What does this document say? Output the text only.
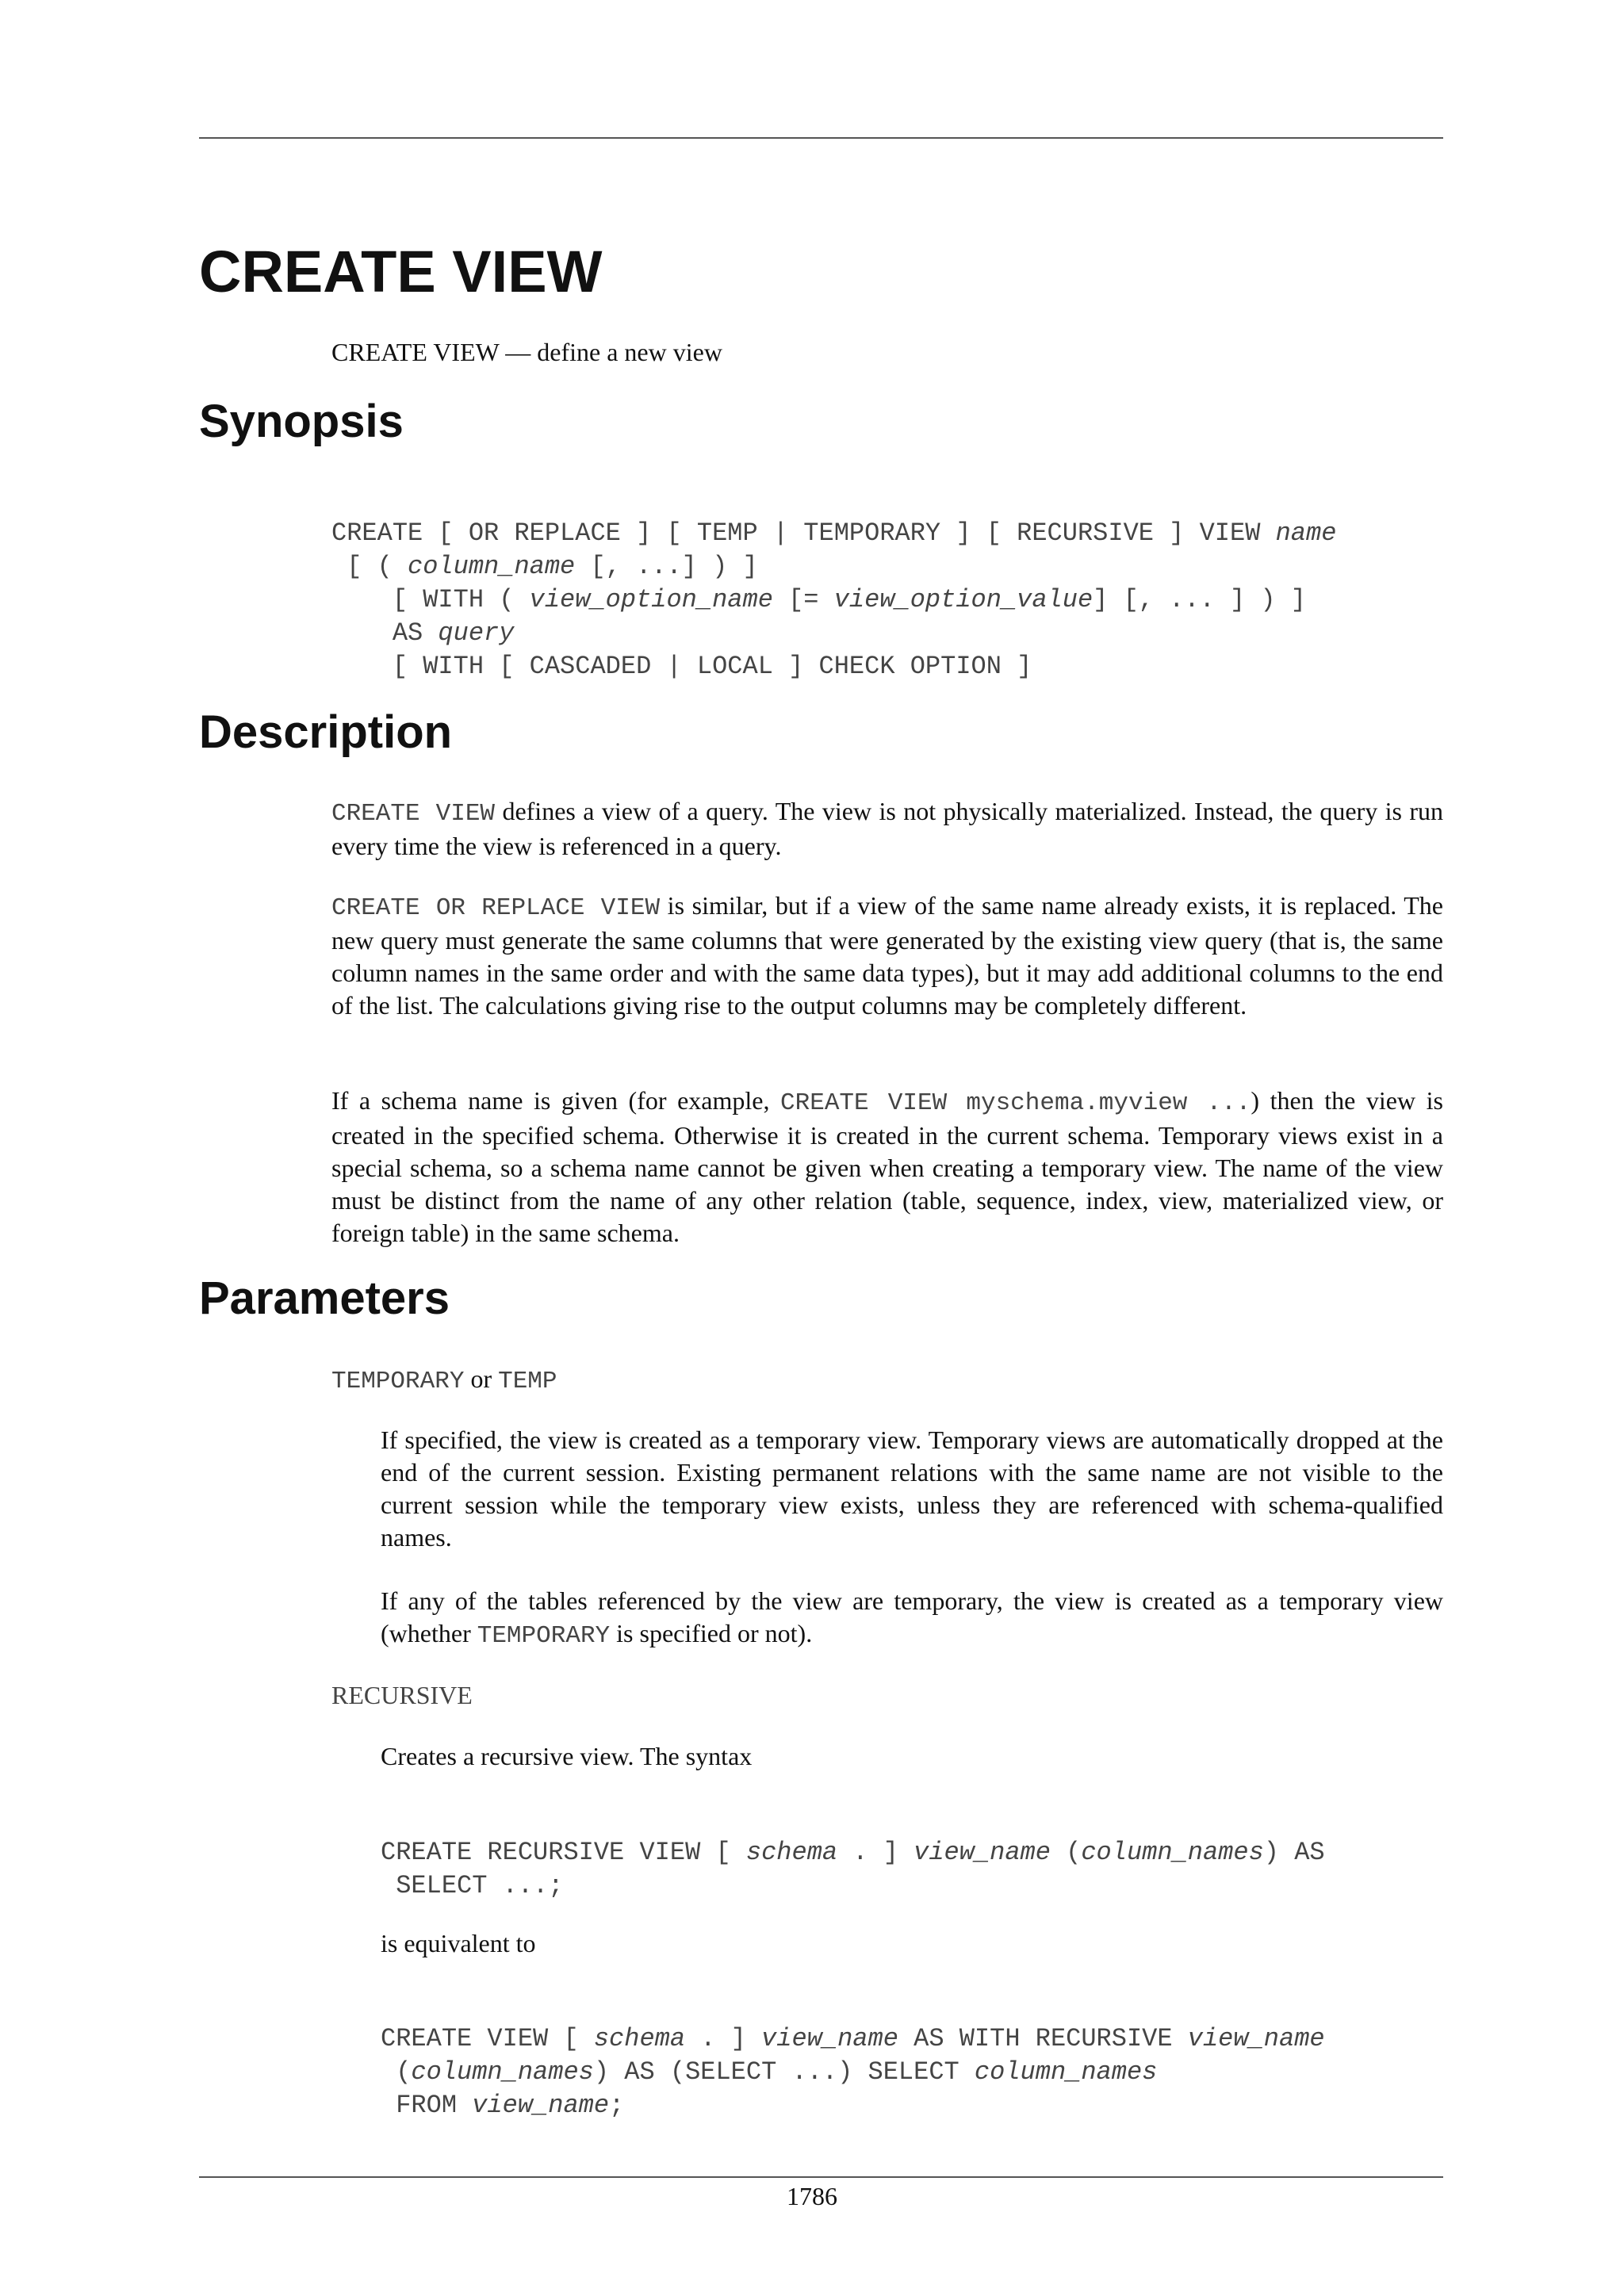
CREATE VIEW

CREATE VIEW — define a new view

Synopsis
CREATE [ OR REPLACE ] [ TEMP | TEMPORARY ] [ RECURSIVE ] VIEW name
[ ( column_name [, ...] ) ]
[ WITH ( view_option_name [= view_option_value] [, ... ] ) ]
AS query
[ WITH [ CASCADED | LOCAL ] CHECK OPTION ]
Description

CREATE VIEW defines a view of a query. The view is not physically materialized. Instead, the query is run every time the view is referenced in a query.

CREATE OR REPLACE VIEW is similar, but if a view of the same name already exists, it is replaced. The new query must generate the same columns that were generated by the existing view query (that is, the same column names in the same order and with the same data types), but it may add additional columns to the end of the list. The calculations giving rise to the output columns may be completely different.

If a schema name is given (for example, CREATE VIEW myschema.myview ...) then the view is created in the specified schema. Otherwise it is created in the current schema. Temporary views exist in a special schema, so a schema name cannot be given when creating a temporary view. The name of the view must be distinct from the name of any other relation (table, sequence, index, view, materialized view, or foreign table) in the same schema.

Parameters

TEMPORARY or TEMP

If specified, the view is created as a temporary view. Temporary views are automatically dropped at the end of the current session. Existing permanent relations with the same name are not visible to the current session while the temporary view exists, unless they are referenced with schema-qualified names.

If any of the tables referenced by the view are temporary, the view is created as a temporary view (whether TEMPORARY is specified or not).

RECURSIVE

Creates a recursive view. The syntax

CREATE RECURSIVE VIEW [ schema . ] view_name (column_names) AS
SELECT ...;

is equivalent to

CREATE VIEW [ schema . ] view_name AS WITH RECURSIVE view_name
(column_names) AS (SELECT ...) SELECT column_names
FROM view_name;
1786
